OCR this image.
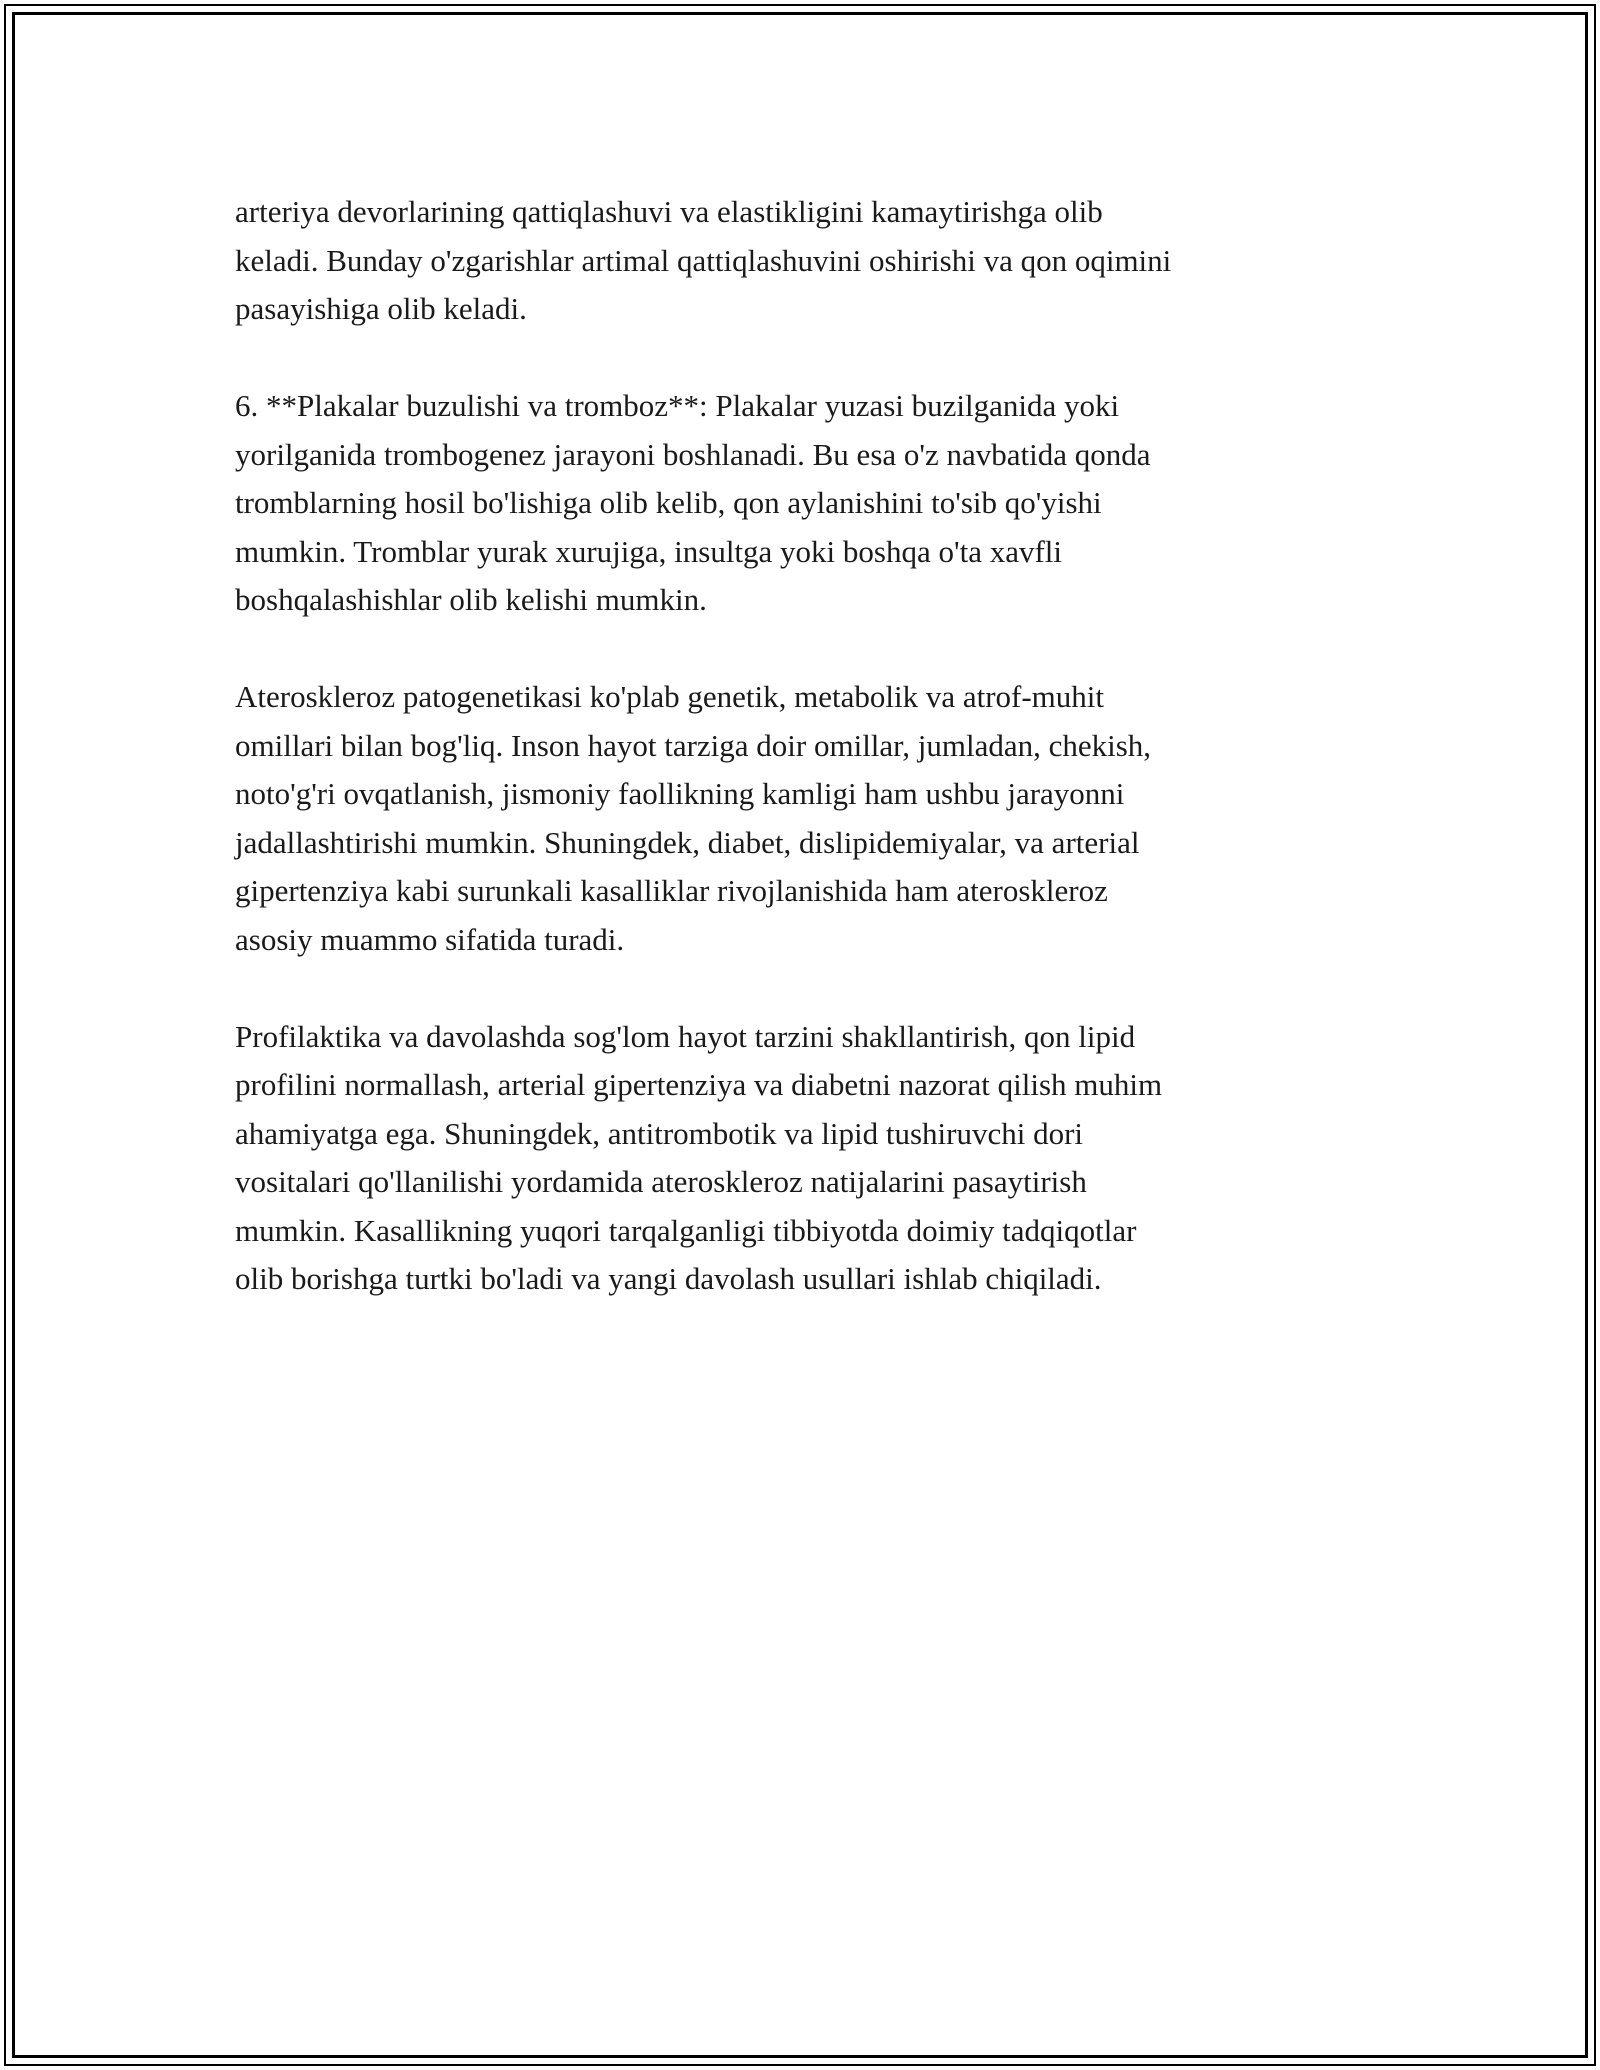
arteriya devorlarining qattiqlashuvi va elastikligini kamaytirishga olib
keladi. Bunday o'zgarishlar artimal qattiqlashuvini oshirishi va qon oqimini
pasayishiga olib keladi.

6. **Plakalar buzulishi va tromboz**: Plakalar yuzasi buzilganida yoki
yorilganida trombogenez jarayoni boshlanadi. Bu esa o'z navbatida qonda
tromblarning hosil bo'lishiga olib kelib, qon aylanishini to'sib qo'yishi
mumkin. Tromblar yurak xurujiga, insultga yoki boshqa o'ta xavfli
boshqalashishlar olib kelishi mumkin.

Ateroskleroz patogenetikasi ko'plab genetik, metabolik va atrof-muhit
omillari bilan bog'liq. Inson hayot tarziga doir omillar, jumladan, chekish,
noto'g'ri ovqatlanish, jismoniy faollikning kamligi ham ushbu jarayonni
jadallashtirishi mumkin. Shuningdek, diabet, dislipidemiyalar, va arterial
gipertenziya kabi surunkali kasalliklar rivojlanishida ham ateroskleroz
asosiy muammo sifatida turadi.

Profilaktika va davolashda sog'lom hayot tarzini shakllantirish, qon lipid
profilini normallash, arterial gipertenziya va diabetni nazorat qilish muhim
ahamiyatga ega. Shuningdek, antitrombotik va lipid tushiruvchi dori
vositalari qo'llanilishi yordamida ateroskleroz natijalarini pasaytirish
mumkin. Kasallikning yuqori tarqalganligi tibbiyotda doimiy tadqiqotlar
olib borishga turtki bo'ladi va yangi davolash usullari ishlab chiqiladi.
